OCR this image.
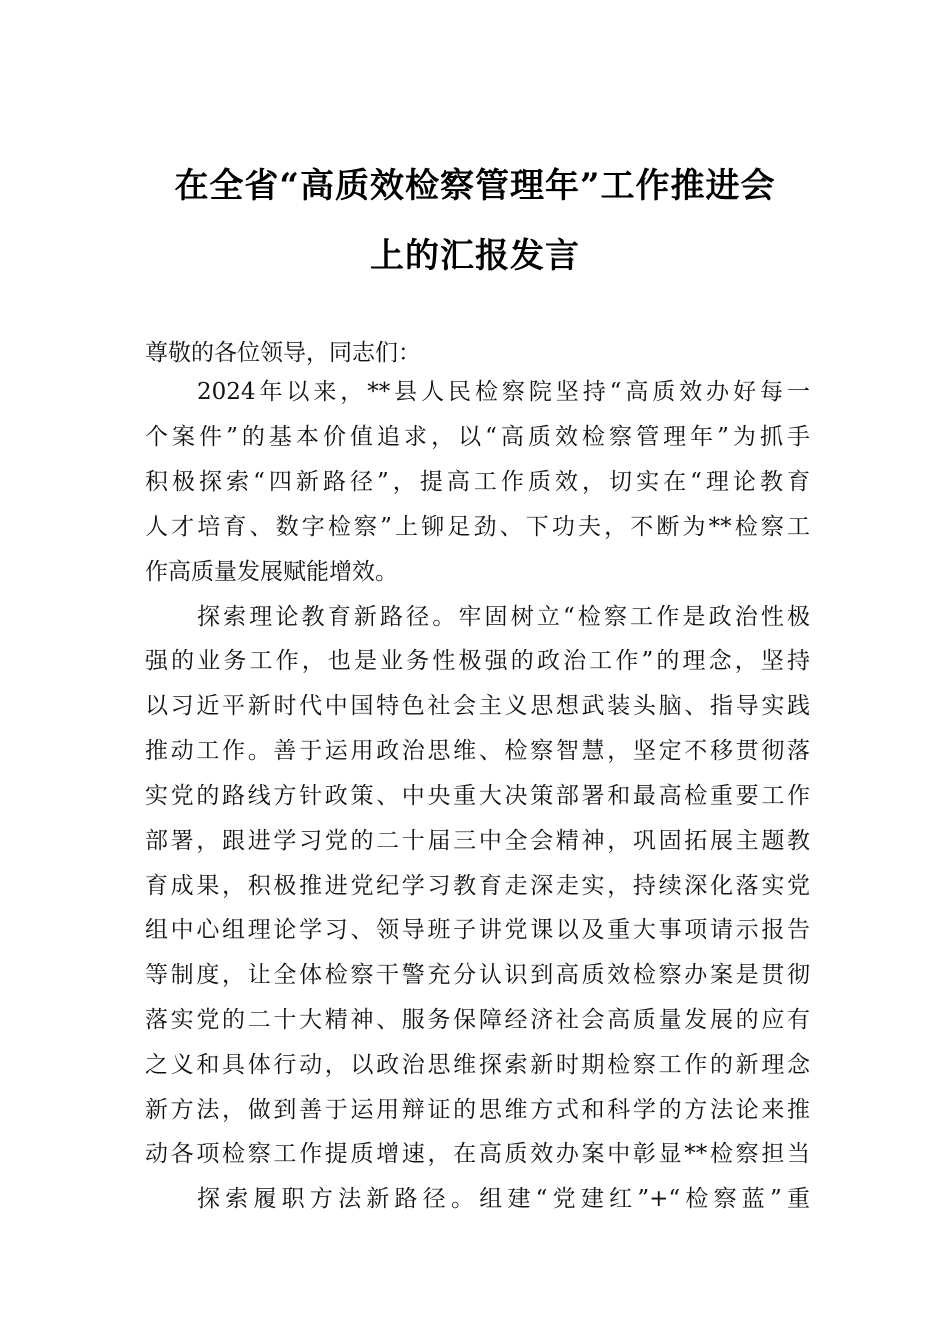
在全省“高质效检察管理年”工作推进会
上的汇报发言
尊敬的各位领导，同志们：
2024年以来，**县人民检察院坚持“高质效办好每一
个案件”的基本价值追求，以“高质效检察管理年”为抓手
积极探索“四新路径”，提高工作质效，切实在“理论教育
人才培育、数字检察”上铆足劲、下功夫，不断为**检察工
作高质量发展赋能增效。
探索理论教育新路径。牢固树立“检察工作是政治性极
强的业务工作，也是业务性极强的政治工作”的理念，坚持
以习近平新时代中国特色社会主义思想武装头脑、指导实践
推动工作。善于运用政治思维、检察智慧，坚定不移贯彻落
实党的路线方针政策、中央重大决策部署和最高检重要工作
部署，跟进学习党的二十届三中全会精神，巩固拓展主题教
育成果，积极推进党纪学习教育走深走实，持续深化落实党
组中心组理论学习、领导班子讲党课以及重大事项请示报告
等制度，让全体检察干警充分认识到高质效检察办案是贯彻
落实党的二十大精神、服务保障经济社会高质量发展的应有
之义和具体行动，以政治思维探索新时期检察工作的新理念
新方法，做到善于运用辩证的思维方式和科学的方法论来推
动各项检察工作提质增速，在高质效办案中彰显**检察担当
探索履职方法新路径。组建“党建红”+“检察蓝”重
